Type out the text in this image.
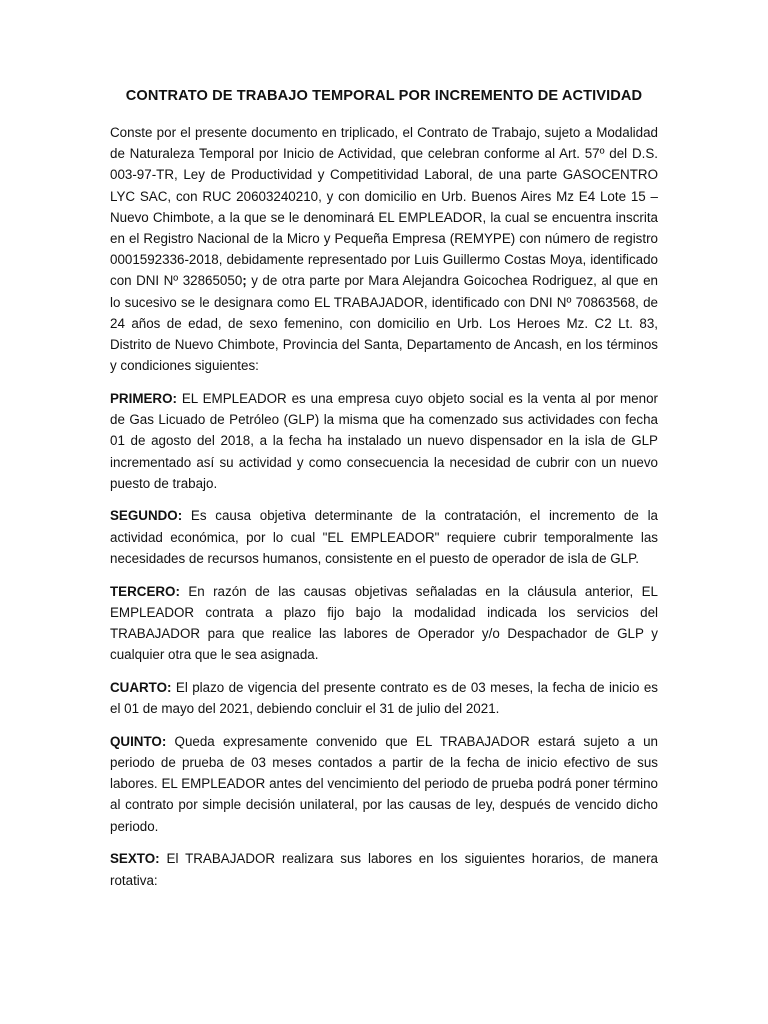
CONTRATO DE TRABAJO TEMPORAL POR INCREMENTO DE ACTIVIDAD

Conste por el presente documento en triplicado, el Contrato de Trabajo, sujeto a Modalidad de Naturaleza Temporal por Inicio de Actividad, que celebran conforme al Art. 57º del D.S. 003-97-TR, Ley de Productividad y Competitividad Laboral, de una parte GASOCENTRO LYC SAC, con RUC 20603240210, y con domicilio en Urb. Buenos Aires Mz E4 Lote 15 – Nuevo Chimbote, a la que se le denominará EL EMPLEADOR, la cual se encuentra inscrita en el Registro Nacional de la Micro y Pequeña Empresa (REMYPE) con número de registro 0001592336-2018, debidamente representado por Luis Guillermo Costas Moya, identificado con DNI Nº 32865050; y de otra parte por Mara Alejandra Goicochea Rodriguez, al que en lo sucesivo se le designara como EL TRABAJADOR, identificado con DNI Nº 70863568, de 24 años de edad, de sexo femenino, con domicilio en Urb. Los Heroes Mz. C2 Lt. 83, Distrito de Nuevo Chimbote, Provincia del Santa, Departamento de Ancash, en los términos y condiciones siguientes:

PRIMERO: EL EMPLEADOR es una empresa cuyo objeto social es la venta al por menor de Gas Licuado de Petróleo (GLP) la misma que ha comenzado sus actividades con fecha 01 de agosto del 2018, a la fecha ha instalado un nuevo dispensador en la isla de GLP incrementado así su actividad y como consecuencia la necesidad de cubrir con un nuevo puesto de trabajo.

SEGUNDO: Es causa objetiva determinante de la contratación, el incremento de la actividad económica, por lo cual "EL EMPLEADOR" requiere cubrir temporalmente las necesidades de recursos humanos, consistente en el puesto de operador de isla de GLP.

TERCERO: En razón de las causas objetivas señaladas en la cláusula anterior, EL EMPLEADOR contrata a plazo fijo bajo la modalidad indicada los servicios del TRABAJADOR para que realice las labores de Operador y/o Despachador de GLP y cualquier otra que le sea asignada.

CUARTO: El plazo de vigencia del presente contrato es de 03 meses, la fecha de inicio es el 01 de mayo del 2021, debiendo concluir el 31 de julio del 2021.

QUINTO: Queda expresamente convenido que EL TRABAJADOR estará sujeto a un periodo de prueba de 03 meses contados a partir de la fecha de inicio efectivo de sus labores. EL EMPLEADOR antes del vencimiento del periodo de prueba podrá poner término al contrato por simple decisión unilateral, por las causas de ley, después de vencido dicho periodo.

SEXTO: El TRABAJADOR realizara sus labores en los siguientes horarios, de manera rotativa:
